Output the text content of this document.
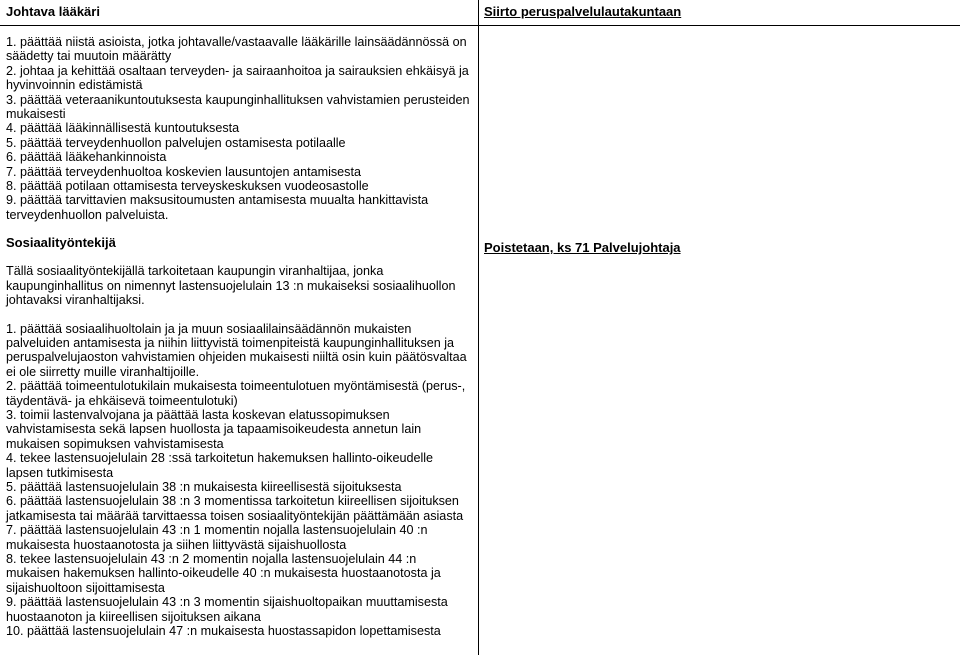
Johtava lääkäri
1. päättää niistä asioista, jotka johtavalle/vastaavalle lääkärille lainsäädännössä on
säädetty tai muutoin määrätty
2. johtaa ja kehittää osaltaan terveyden- ja sairaanhoitoa ja sairauksien ehkäisyä ja
hyvinvoinnin edistämistä
3. päättää veteraanikuntoutuksesta kaupunginhallituksen vahvistamien perusteiden
mukaisesti
4. päättää lääkinnällisestä kuntoutuksesta
5. päättää terveydenhuollon palvelujen ostamisesta potilaalle
6. päättää lääkehankinnoista
7. päättää terveydenhuoltoa koskevien lausuntojen antamisesta
8. päättää potilaan ottamisesta terveyskeskuksen vuodeosastolle
9. päättää tarvittavien maksusitoumusten antamisesta muualta hankittavista
terveydenhuollon palveluista.
Sosiaalityöntekijä
Tällä sosiaalityöntekijällä tarkoitetaan kaupungin viranhaltijaa, jonka
kaupunginhallitus on nimennyt lastensuojelulain 13 :n mukaiseksi sosiaalihuollon
johtavaksi viranhaltijaksi.
1. päättää sosiaalihuoltolain ja ja muun sosiaalilainsäädännön mukaisten
palveluiden antamisesta ja niihin liittyvistä toimenpiteistä kaupunginhallituksen ja
peruspalvelujaoston vahvistamien ohjeiden mukaisesti niiltä osin kuin päätösvaltaa
ei ole siirretty muille viranhaltijoille.
2. päättää toimeentulotukilain mukaisesta toimeentulotuen myöntämisestä (perus-,
täydentävä- ja ehkäisevä toimeentulotuki)
3. toimii lastenvalvojana ja päättää lasta koskevan elatussopimuksen
vahvistamisesta sekä lapsen huollosta ja tapaamisoikeudesta annetun lain
mukaisen sopimuksen vahvistamisesta
4. tekee lastensuojelulain 28 :ssä tarkoitetun hakemuksen hallinto-oikeudelle
lapsen tutkimisesta
5. päättää lastensuojelulain 38 :n mukaisesta kiireellisestä sijoituksesta
6. päättää lastensuojelulain 38 :n 3 momentissa tarkoitetun kiireellisen sijoituksen
jatkamisesta tai määrää tarvittaessa toisen sosiaalityöntekijän päättämään asiasta
7. päättää lastensuojelulain 43 :n 1 momentin nojalla lastensuojelulain 40 :n
mukaisesta huostaanotosta ja siihen liittyvästä sijaishuollosta
8. tekee lastensuojelulain 43 :n 2 momentin nojalla lastensuojelulain 44 :n
mukaisen hakemuksen hallinto-oikeudelle 40 :n mukaisesta huostaanotosta ja
sijaishuoltoon sijoittamisesta
9. päättää lastensuojelulain 43 :n 3 momentin sijaishuoltopaikan muuttamisesta
huostaanoton ja kiireellisen sijoituksen aikana
10. päättää lastensuojelulain 47 :n mukaisesta huostassapidon lopettamisesta
Siirto peruspalvelulautakuntaan
Poistetaan, ks 71 Palvelujohtaja
